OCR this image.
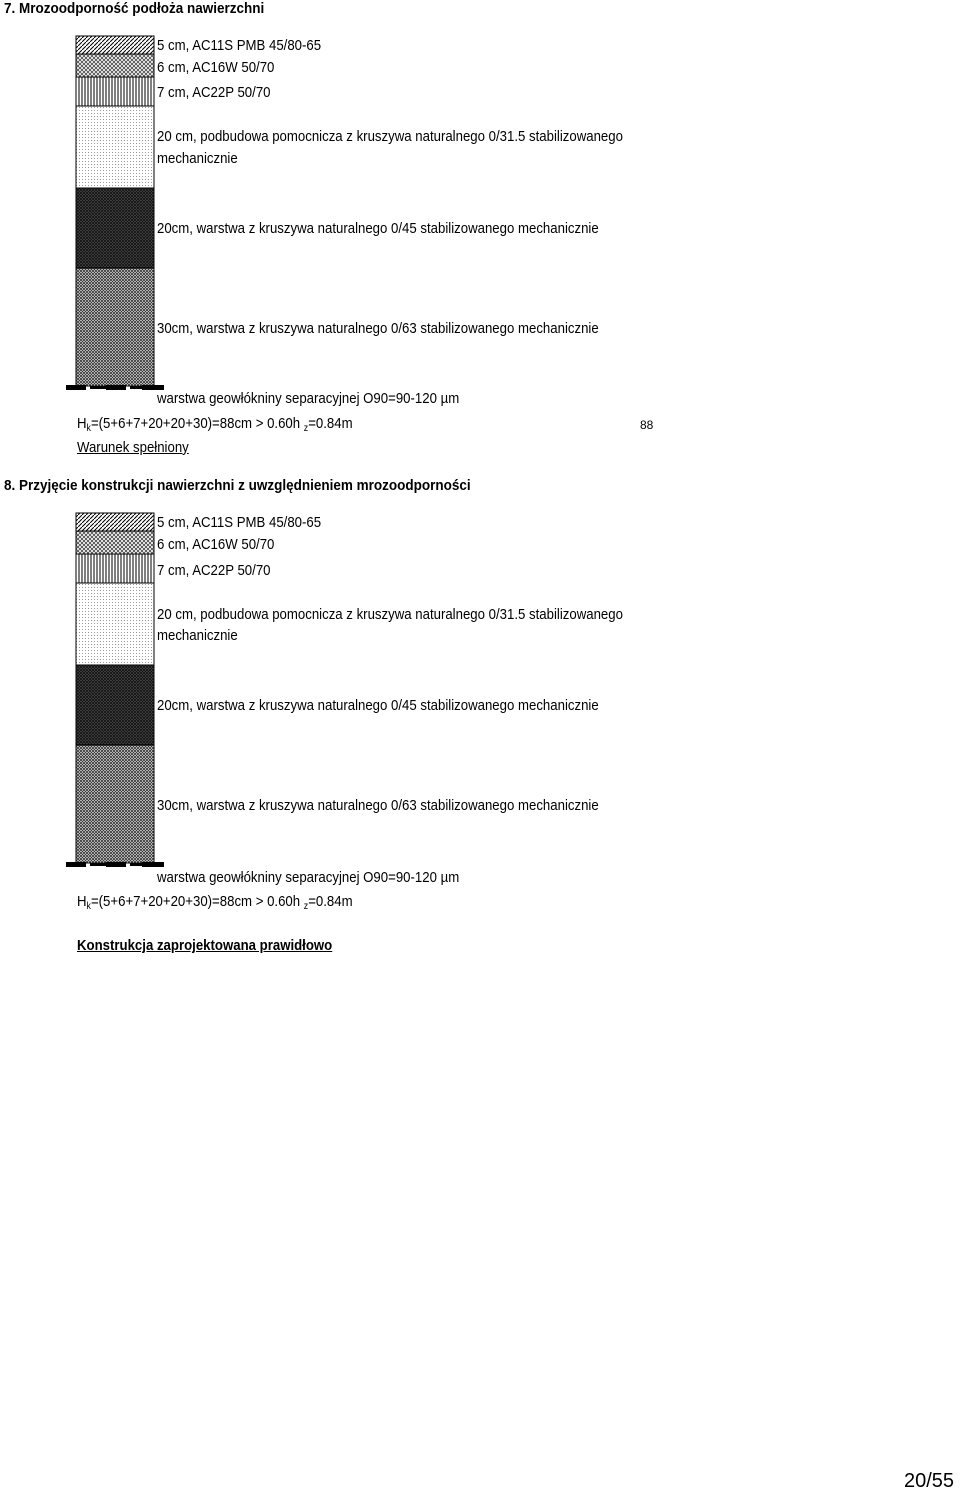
7. Mrozoodporność podłoża nawierzchni
5 cm, AC11S PMB 45/80-65
6 cm, AC16W 50/70
7 cm, AC22P 50/70
20 cm, podbudowa pomocnicza z kruszywa naturalnego 0/31.5 stabilizowanego
mechanicznie
20cm, warstwa z kruszywa naturalnego 0/45 stabilizowanego mechanicznie
30cm, warstwa z kruszywa naturalnego 0/63 stabilizowanego mechanicznie
warstwa geowłókniny separacyjnej O90=90-120 µm
$H_k=(5+6+7+20+20+30)=88cm > 0.60h$ $_z$=0.84m	88
Warunek spełniony
8. Przyjęcie konstrukcji nawierzchni z uwzględnieniem mrozoodporności
5 cm, AC11S PMB 45/80-65
6 cm, AC16W 50/70
7 cm, AC22P 50/70
20 cm, podbudowa pomocnicza z kruszywa naturalnego 0/31.5 stabilizowanego
mechanicznie
20cm, warstwa z kruszywa naturalnego 0/45 stabilizowanego mechanicznie
30cm, warstwa z kruszywa naturalnego 0/63 stabilizowanego mechanicznie
warstwa geowłókniny separacyjnej O90=90-120 µm
$H_k=(5+6+7+20+20+30)=88cm > 0.60h$ $_z$=0.84m
Konstrukcja zaprojektowana prawidłowo
20/55
